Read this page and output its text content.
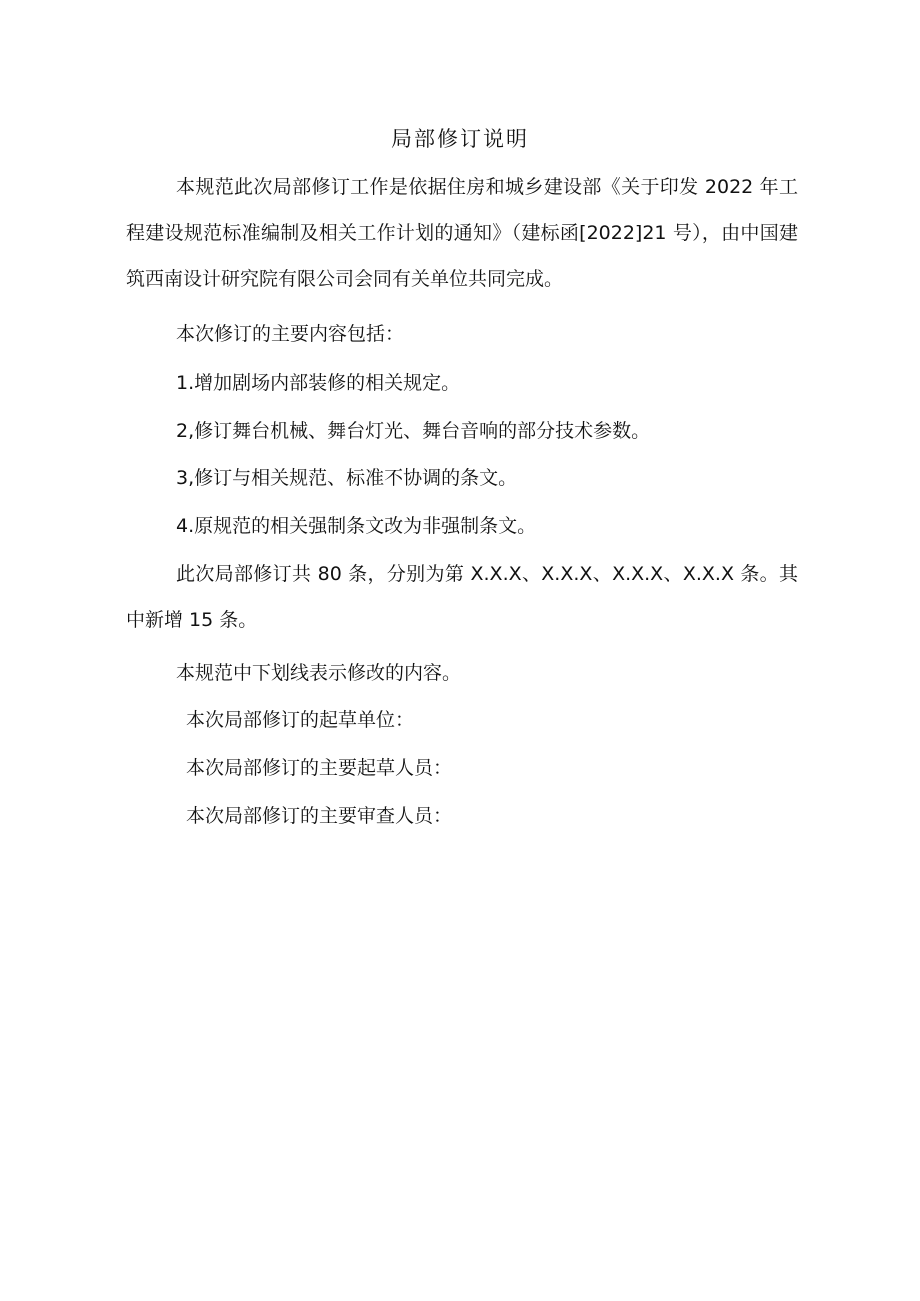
局部修订说明

本规范此次局部修订工作是依据住房和城乡建设部《关于印发 2022 年工程建设规范标准编制及相关工作计划的通知》（建标函[2022]21 号），由中国建筑西南设计研究院有限公司会同有关单位共同完成。

本次修订的主要内容包括：

1.增加剧场内部装修的相关规定。

2,修订舞台机械、舞台灯光、舞台音响的部分技术参数。

3,修订与相关规范、标准不协调的条文。

4.原规范的相关强制条文改为非强制条文。

此次局部修订共 80 条，分别为第 X.X.X、X.X.X、X.X.X、X.X.X 条。其中新增 15 条。

本规范中下划线表示修改的内容。

本次局部修订的起草单位：

本次局部修订的主要起草人员：

本次局部修订的主要审查人员：
